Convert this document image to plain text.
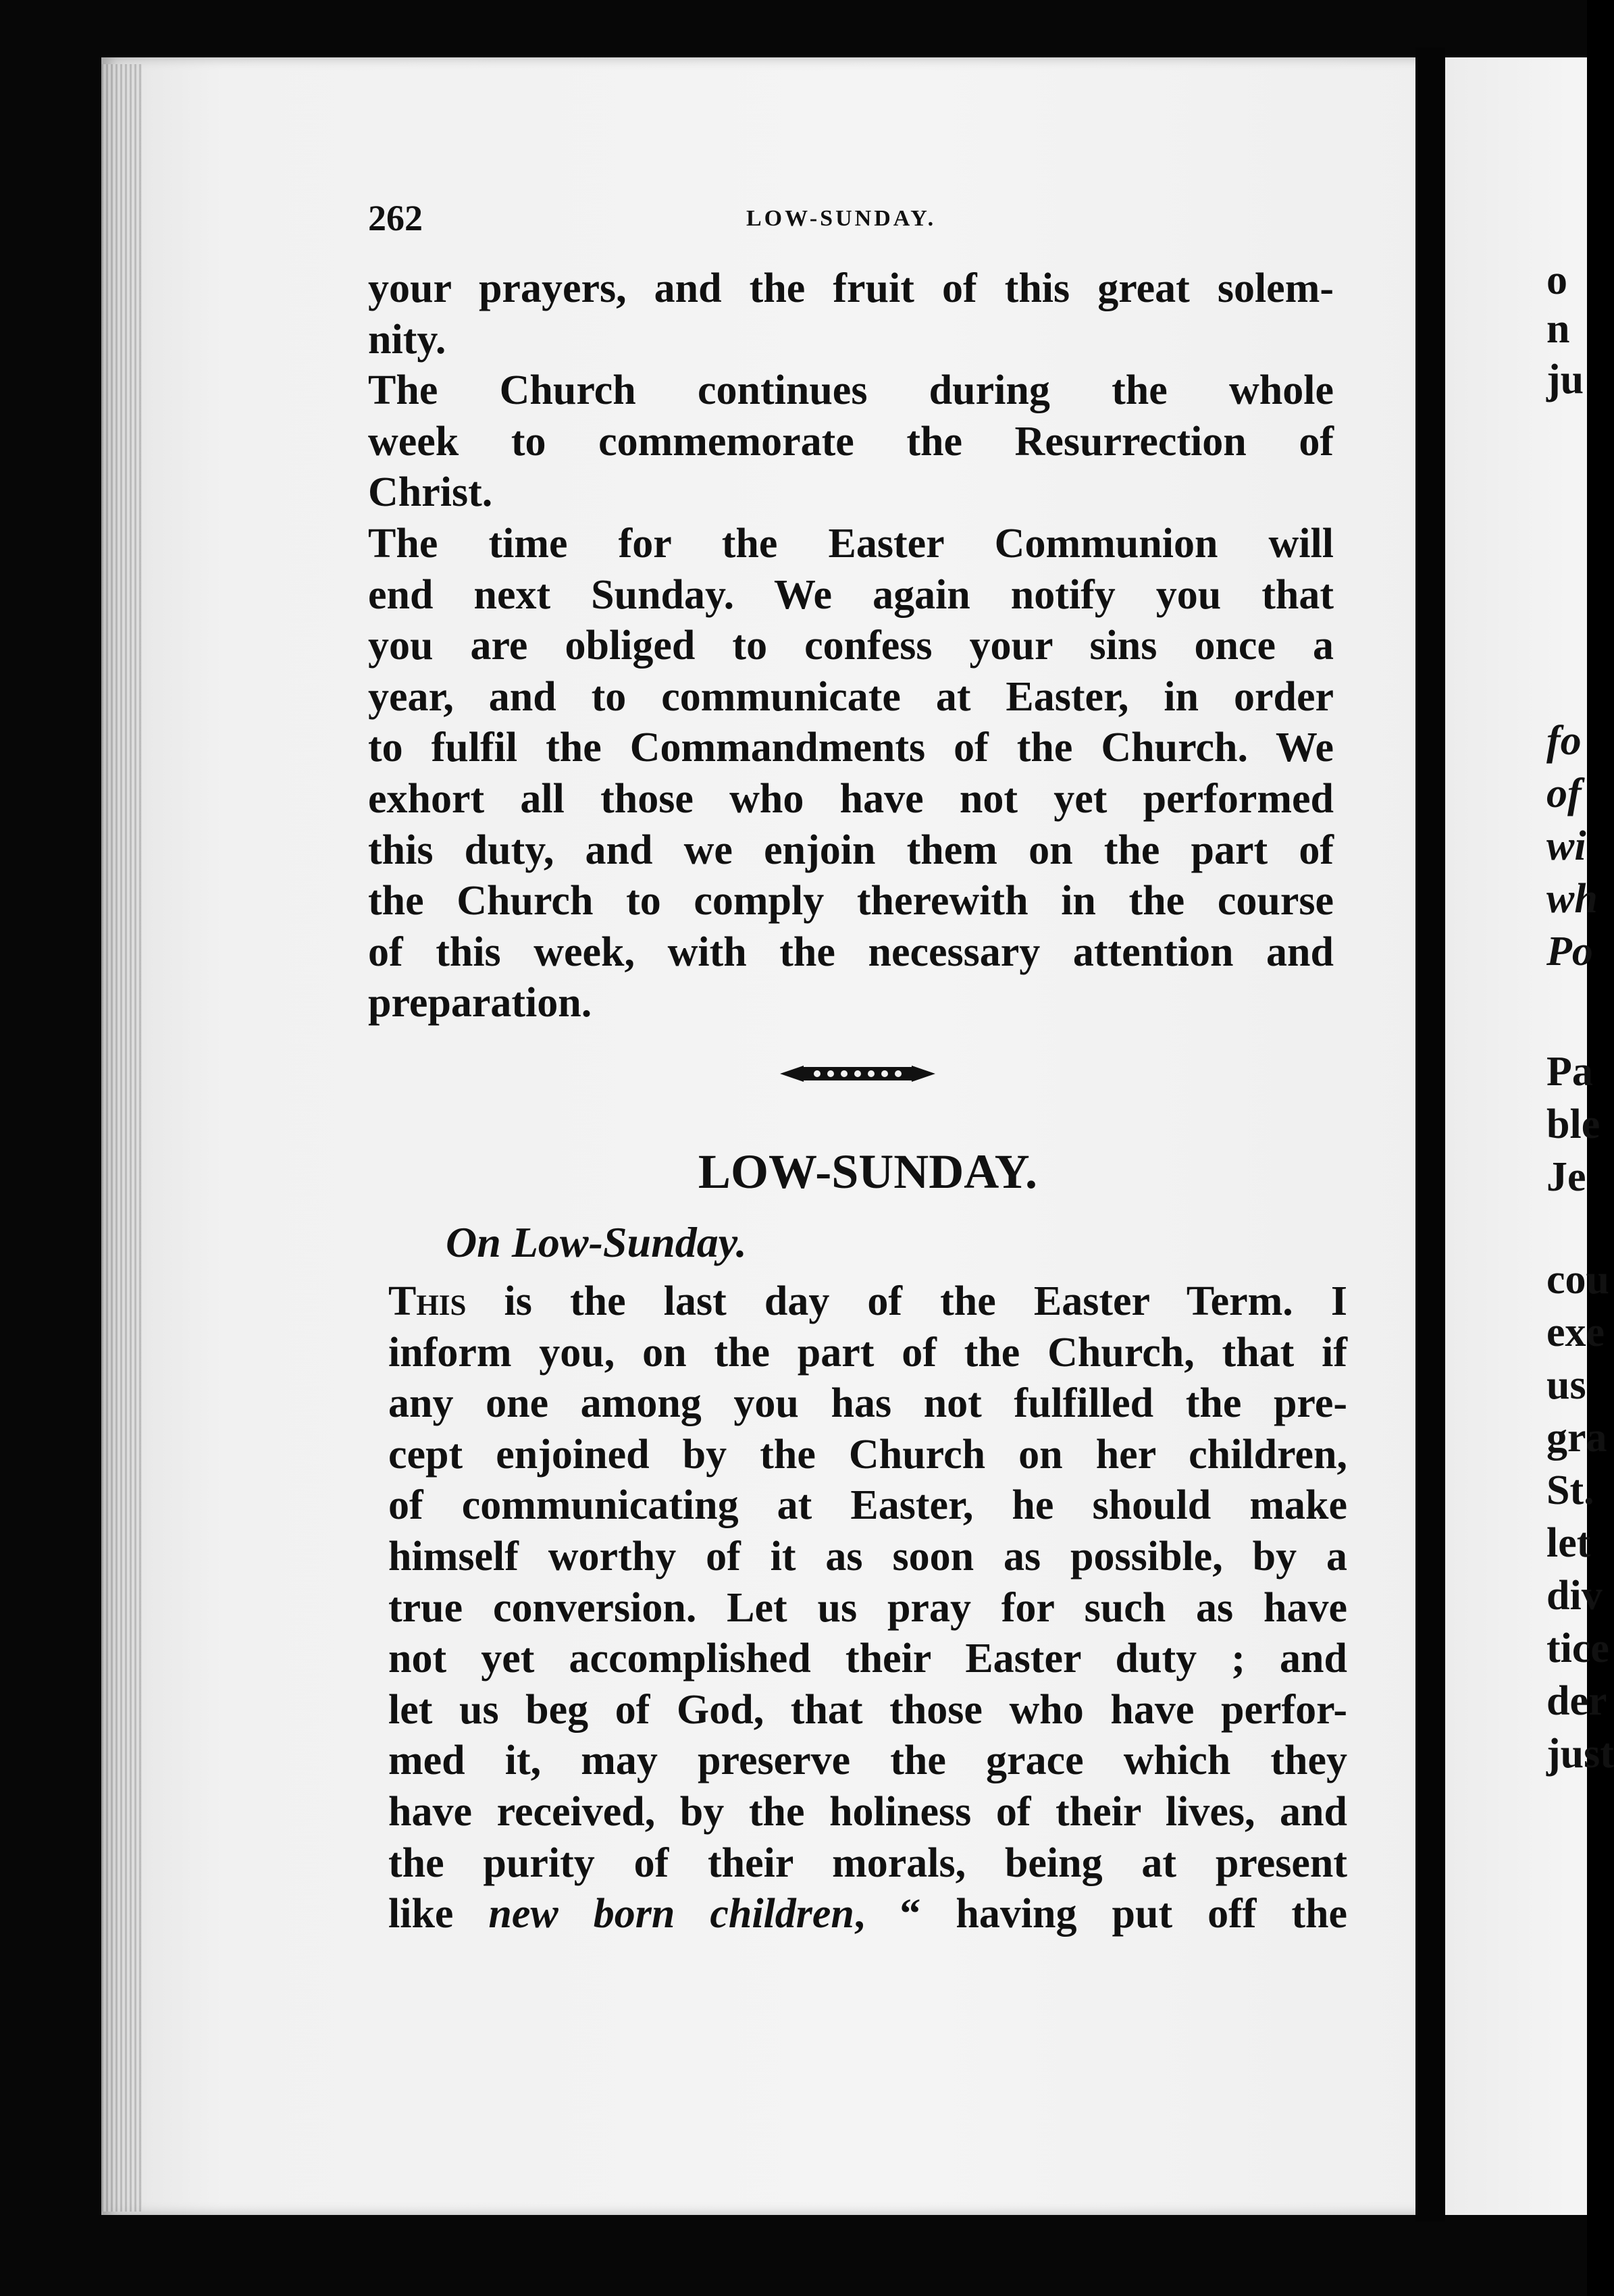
262	LOW-SUNDAY.
your prayers, and the fruit of this great solem-
nity.
The Church continues during the whole
week to commemorate the Resurrection of
Christ.
The time for the Easter Communion will
end next Sunday. We again notify you that
you are obliged to confess your sins once a
year, and to communicate at Easter, in order
to fulfil the Commandments of the Church. We
exhort all those who have not yet performed
this duty, and we enjoin them on the part of
the Church to comply therewith in the course
of this week, with the necessary attention and
preparation.
LOW-SUNDAY.
On Low-Sunday.
This is the last day of the Easter Term. I
inform you, on the part of the Church, that if
any one among you has not fulfilled the pre-
cept enjoined by the Church on her children,
of communicating at Easter, he should make
himself worthy of it as soon as possible, by a
true conversion. Let us pray for such as have
not yet accomplished their Easter duty ; and
let us beg of God, that those who have perfor-
med it, may preserve the grace which they
have received, by the holiness of their lives, and
the purity of their morals, being at present
like new born children, “ having put off the
o
n
ju
fo
of
wi
wh
Po
Pa
ble
Je
cou
exe
us
gra
St.
let
div
tice
der
just
